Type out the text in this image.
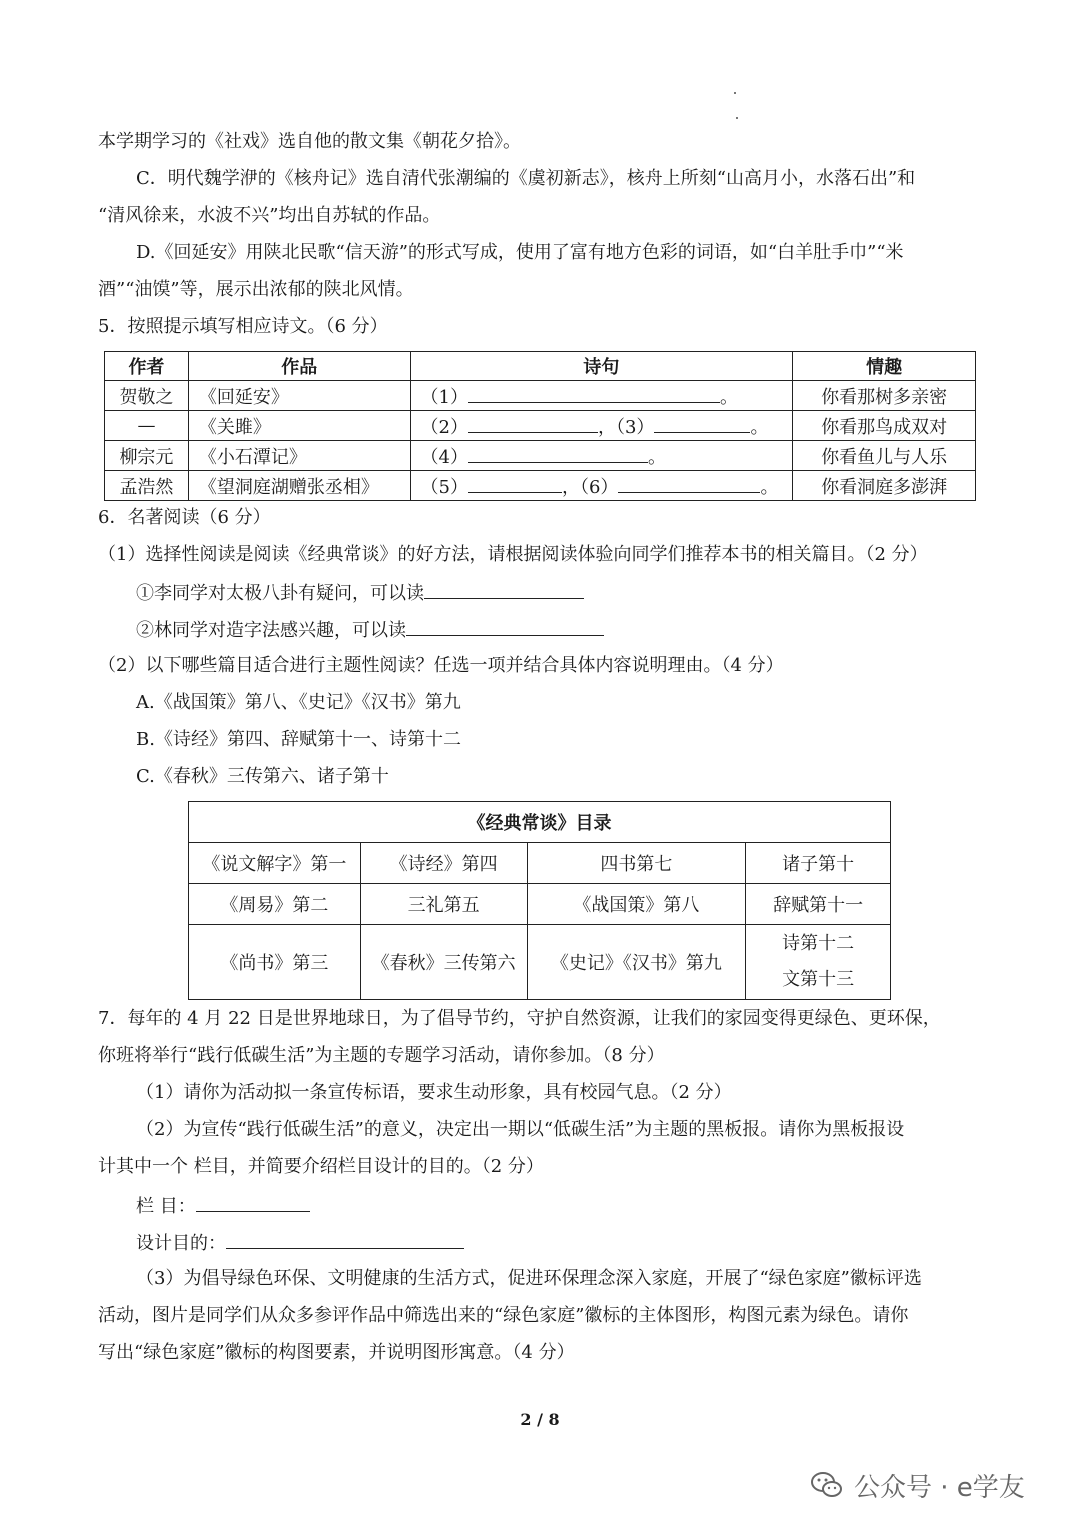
本学期学习的《社戏》选自他的散文集《朝花夕拾》。
C．明代魏学洢的《核舟记》选自清代张潮编的《虞初新志》，核舟上所刻“山高月小，水落石出”和
“清风徐来，水波不兴”均出自苏轼的作品。
D.《回延安》用陕北民歌“信天游”的形式写成，使用了富有地方色彩的词语，如“白羊肚手巾”“米
酒”“油馍”等，展示出浓郁的陕北风情。
5．按照提示填写相应诗文。（6 分）
作者	作品	诗句	情趣
贺敬之	《回延安》	（1） 。	你看那树多亲密
—	《关雎》	（2） ，（3） 。	你看那鸟成双对
柳宗元	《小石潭记》	（4） 。	你看鱼儿与人乐
孟浩然	《望洞庭湖赠张丞相》	（5） ，（6） 。	你看洞庭多澎湃
6．名著阅读（6 分）
（1）选择性阅读是阅读《经典常谈》的好方法，请根据阅读体验向同学们推荐本书的相关篇目。（2 分）
①李同学对太极八卦有疑问，可以读
②林同学对造字法感兴趣，可以读
（2）以下哪些篇目适合进行主题性阅读？任选一项并结合具体内容说明理由。（4 分）
A.《战国策》第八、《史记》《汉书》第九
B.《诗经》第四、辞赋第十一、诗第十二
C.《春秋》三传第六、诸子第十
《经典常谈》目录			
《说文解字》第一	《诗经》第四	四书第七	诸子第十
《周易》第二	三礼第五	《战国策》第八	辞赋第十一
《尚书》第三	《春秋》三传第六	《史记》《汉书》第九	诗第十二
文第十三
7．每年的 4 月 22 日是世界地球日，为了倡导节约，守护自然资源，让我们的家园变得更绿色、更环保，
你班将举行“践行低碳生活”为主题的专题学习活动，请你参加。（8 分）
（1）请你为活动拟一条宣传标语，要求生动形象，具有校园气息。（2 分）
（2）为宣传“践行低碳生活”的意义，决定出一期以“低碳生活”为主题的黑板报。请你为黑板报设
计其中一个 栏目，并简要介绍栏目设计的目的。（2 分）
栏 目：
设计目的：
（3）为倡导绿色环保、文明健康的生活方式，促进环保理念深入家庭，开展了“绿色家庭”徽标评选
活动，图片是同学们从众多参评作品中筛选出来的“绿色家庭”徽标的主体图形，构图元素为绿色。请你
写出“绿色家庭”徽标的构图要素，并说明图形寓意。（4 分）
2 / 8
公众号 · e学友
